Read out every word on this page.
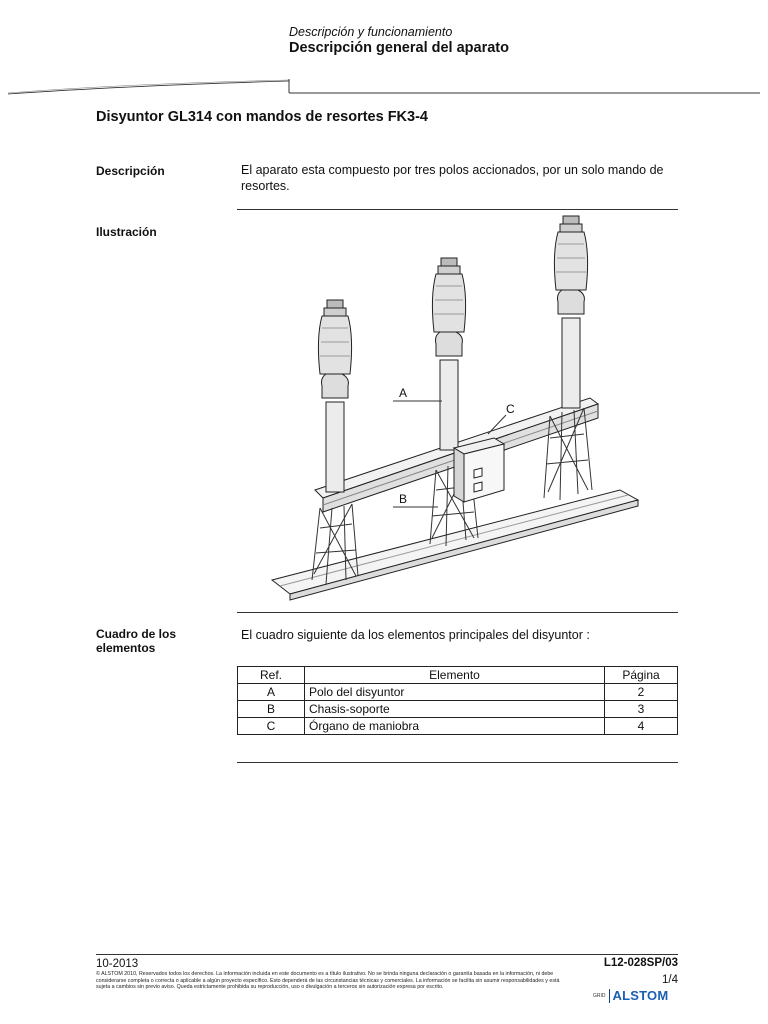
Descripción y funcionamiento
Descripción general del aparato
Disyuntor GL314 con mandos de resortes FK3-4
Descripción	El aparato esta compuesto por tres polos accionados, por un solo mando de resortes.
Ilustración
A
B
C
Cuadro de los elementos
El cuadro siguiente da los elementos principales del disyuntor :
Ref.	Elemento	Página
A	Polo del disyuntor	2
B	Chasis-soporte	3
C	Órgano de maniobra	4
10-2013
© ALSTOM 2010, Reservados todos los derechos. La información incluida en este documento es a título ilustrativo. No se brinda ninguna declaración o garantía basada en la información, ni debe considerarse completa o correcta o aplicable a algún proyecto específico. Esto dependerá de las circunstancias técnicas y comerciales. La información se facilita sin asumir responsabilidades y está sujeta a cambios sin previo aviso. Queda estrictamente prohibida su reproducción, uso o divulgación a terceros sin autorización expresa por escrito.
L12-028SP/03
1/4
GRID ALSTOM
